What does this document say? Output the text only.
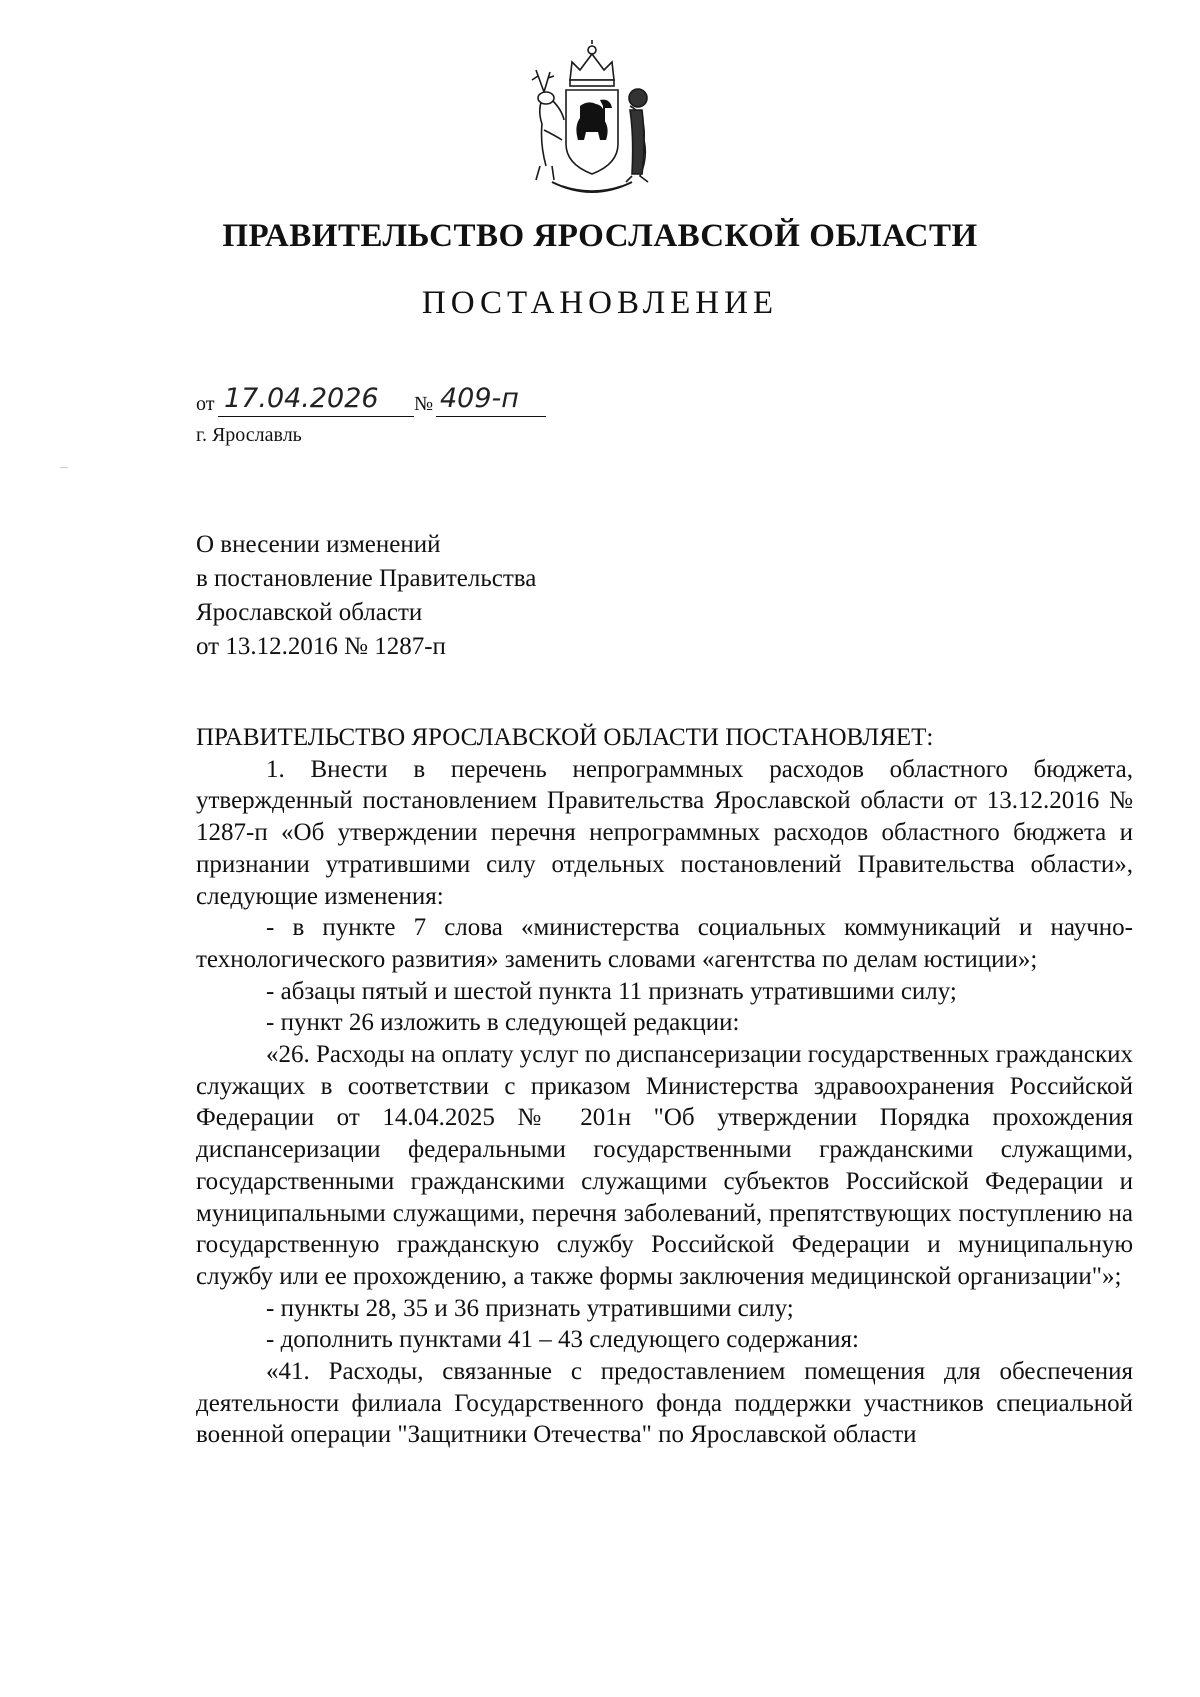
ПРАВИТЕЛЬСТВО ЯРОСЛАВСКОЙ ОБЛАСТИ
ПОСТАНОВЛЕНИЕ
от 17.04.2026 № 409-п
г. Ярославль
О внесении изменений
в постановление Правительства
Ярославской области
от 13.12.2016 № 1287-п

ПРАВИТЕЛЬСТВО ЯРОСЛАВСКОЙ ОБЛАСТИ ПОСТАНОВЛЯЕТ:

1. Внести в перечень непрограммных расходов областного бюджета, утвержденный постановлением Правительства Ярославской области от 13.12.2016 № 1287-п «Об утверждении перечня непрограммных расходов областного бюджета и признании утратившими силу отдельных постановлений Правительства области», следующие изменения:

- в пункте 7 слова «министерства социальных коммуникаций и научно-технологического развития» заменить словами «агентства по делам юстиции»;

- абзацы пятый и шестой пункта 11 признать утратившими силу;

- пункт 26 изложить в следующей редакции:

«26. Расходы на оплату услуг по диспансеризации государственных гражданских служащих в соответствии с приказом Министерства здравоохранения Российской Федерации от 14.04.2025 № 201н "Об утверждении Порядка прохождения диспансеризации федеральными государственными гражданскими служащими, государственными гражданскими служащими субъектов Российской Федерации и муниципальными служащими, перечня заболеваний, препятствующих поступлению на государственную гражданскую службу Российской Федерации и муниципальную службу или ее прохождению, а также формы заключения медицинской организации"»;

- пункты 28, 35 и 36 признать утратившими силу;

- дополнить пунктами 41 – 43 следующего содержания:

«41. Расходы, связанные с предоставлением помещения для обеспечения деятельности филиала Государственного фонда поддержки участников специальной военной операции "Защитники Отечества" по Ярославской области
